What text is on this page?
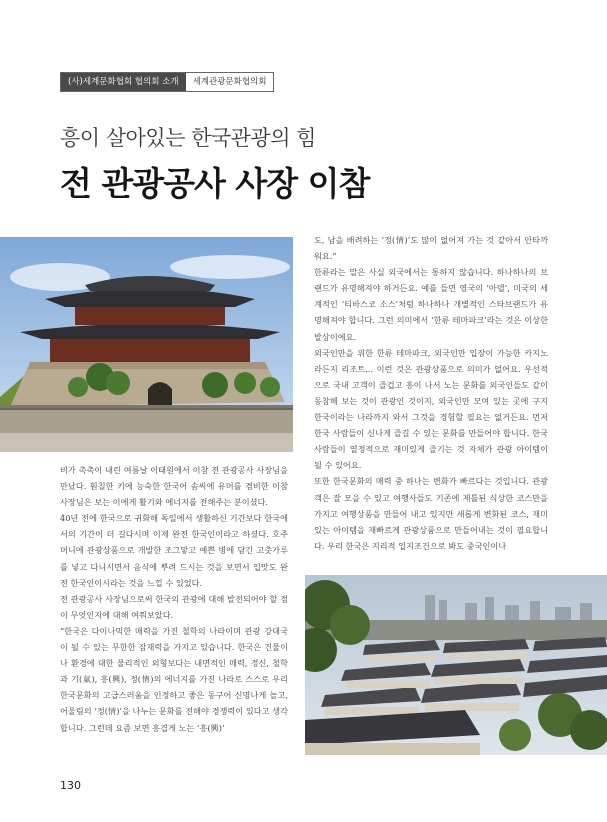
(사)세계문화협회 협의회 소개	세계관광문화협의회
흥이 살아있는 한국관광의 힘
전 관광공사 사장 이참

비가 촉촉이 내린 여름날 이태원에서 이참 전 관광공사 사장님을 만났다. 훤칠한 키에 능숙한 한국어 솜씨에 유머를 겸비한 이참 사장님은 보는 이에게 활기와 에너지를 전해주는 분이셨다.

40년 전에 한국으로 귀화해 독일에서 생활하신 기간보다 한국에서의 기간이 더 길다시며 이제 완전 한국인이라고 하셨다. 호주머니에 관광상품으로 개발한 조그맣고 예쁜 병에 담긴 고춧가루를 넣고 다니시면서 음식에 뿌려 드시는 것을 보면서 입맛도 완전 한국인이시라는 것을 느낄 수 있었다.

전 관광공사 사장님으로써 한국의 관광에 대해 발전되어야 할 점이 무엇인지에 대해 여쭤보았다.

“한국은 다이나믹한 매력을 가진 철학의 나라이며 관광 강대국이 될 수 있는 무한한 잠재력을 가지고 있습니다. 한국은 건물이나 환경에 대한 물리적인 외형보다는 내면적인 매력, 정신, 철학과 기(氣), 흥(興), 정(情)의 에너지를 가진 나라로 스스로 우리 한국문화의 고급스러움을 인정하고 좋은 동구어 신명나게 놀고, 어울림의 ‘정(情)’을 나누는 문화를 전해야 경쟁력이 있다고 생각합니다. 그런데 요즘 보면 흥겹게 노는 ‘흥(興)’

도, 남을 배려하는 ‘정(情)’도 많이 없어져 가는 것 같아서 안타까워요.”

한류라는 말은 사실 외국에서는 통하지 않습니다. 하나하나의 브랜드가 유명해져야 하거든요. 예를 들면 영국의 ‘아델’, 미국의 세계적인 ‘티바스코 소스’처럼 하나하나 개별적인 스타브랜드가 유명해져야 합니다. 그런 의미에서 ‘한류 테마파크’라는 것은 이상한 발상이에요.

외국인만을 위한 한류 테마파크, 외국인만 입장이 가능한 카지노라든지 리조트... 이런 것은 관광상품으로 의미가 없어요. 우선적으로 국내 고객이 즐겁고 흥이 나서 노는 문화를 외국인들도 같이 동참해 보는 것이 관광인 것이지, 외국인만 모여 있는 곳에 구지 한국이라는 나라까지 와서 그것을 경험할 필요는 없거든요. 먼저 한국 사람들이 신나게 즐길 수 있는 문화를 만들어야 합니다. 한국사람들이 열정적으로 재미있게 즐기는 것 자체가 관광 아이템이 될 수 있어요.

또한 한국문화의 매력 중 하나는 변화가 빠르다는 것입니다. 관광객은 잘 모을 수 있고 여행사들도 기존에 제틀된 식상한 코스만을 가지고 여행상품을 만들어 내고 있지만 새롭게 변화된 코스, 재미있는 아이템을 재빠르게 관광상품으로 만들어내는 것이 필요합니다. 우리 한국은 지리적 입지조건으로 봐도 중국인이나

130
